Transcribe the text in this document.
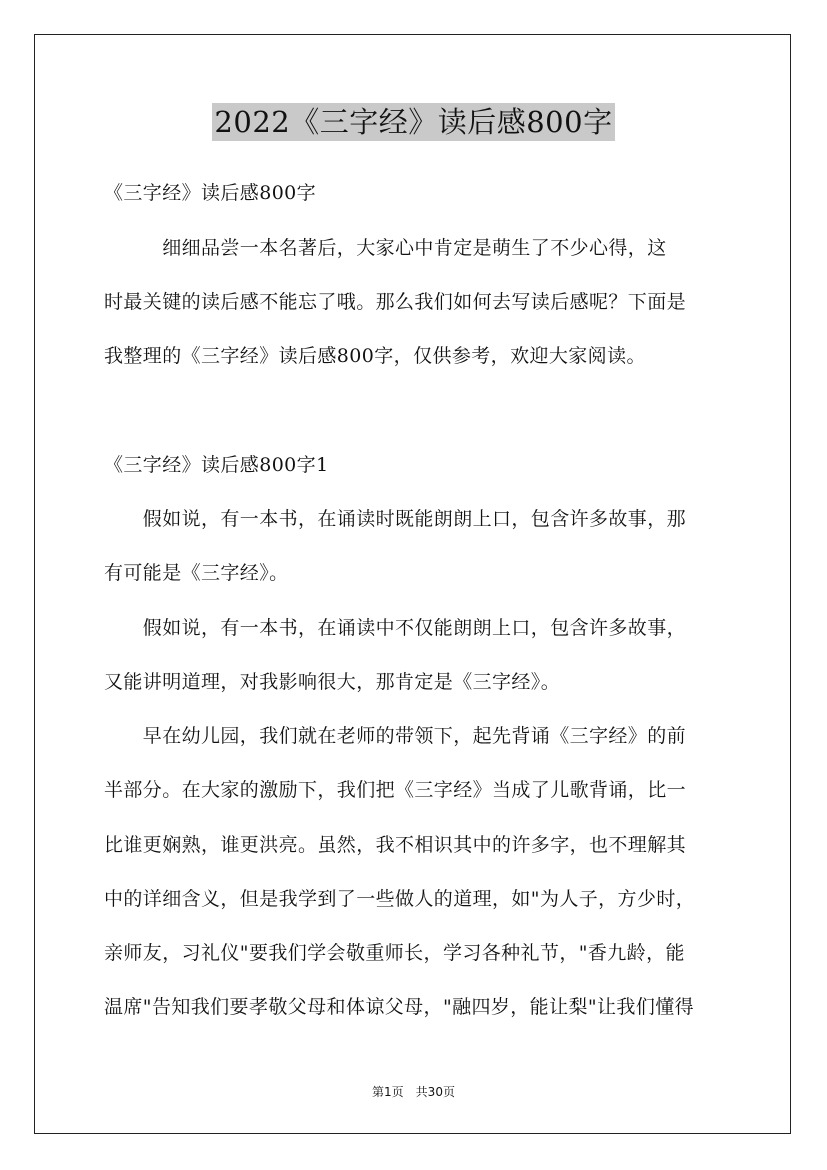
2022《三字经》读后感800字
《三字经》读后感800字
　　　细细品尝一本名著后，大家心中肯定是萌生了不少心得，这
时最关键的读后感不能忘了哦。那么我们如何去写读后感呢？下面是
我整理的《三字经》读后感800字，仅供参考，欢迎大家阅读。
《三字经》读后感800字1
　　假如说，有一本书，在诵读时既能朗朗上口，包含许多故事，那
有可能是《三字经》。
　　假如说，有一本书，在诵读中不仅能朗朗上口，包含许多故事，
又能讲明道理，对我影响很大，那肯定是《三字经》。
　　早在幼儿园，我们就在老师的带领下，起先背诵《三字经》的前
半部分。在大家的激励下，我们把《三字经》当成了儿歌背诵，比一
比谁更娴熟，谁更洪亮。虽然，我不相识其中的许多字，也不理解其
中的详细含义，但是我学到了一些做人的道理，如"为人子，方少时，
亲师友，习礼仪"要我们学会敬重师长，学习各种礼节，"香九龄，能
温席"告知我们要孝敬父母和体谅父母，"融四岁，能让梨"让我们懂得
第1页　共30页
